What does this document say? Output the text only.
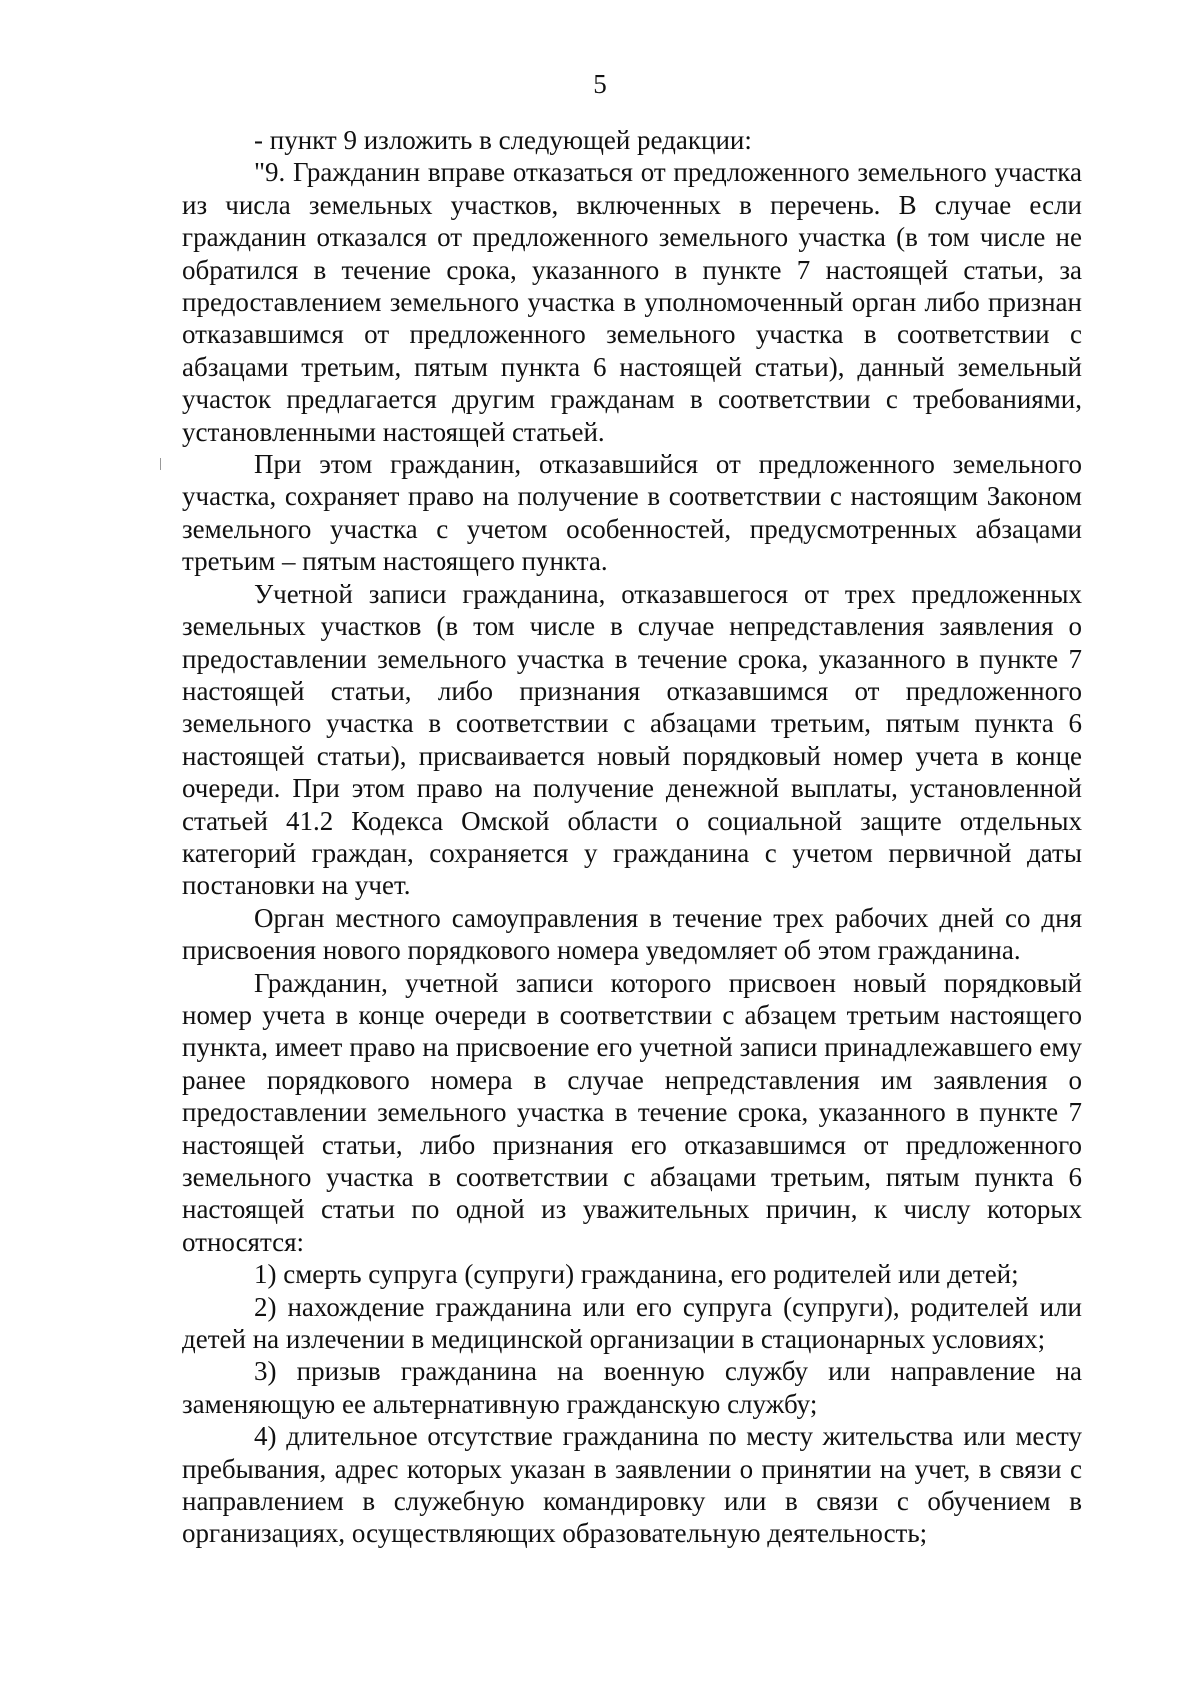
5

- пункт 9 изложить в следующей редакции:

"9. Гражданин вправе отказаться от предложенного земельного участка из числа земельных участков, включенных в перечень. В случае если гражданин отказался от предложенного земельного участка (в том числе не обратился в течение срока, указанного в пункте 7 настоящей статьи, за предоставлением земельного участка в уполномоченный орган либо признан отказавшимся от предложенного земельного участка в соответствии с абзацами третьим, пятым пункта 6 настоящей статьи), данный земельный участок предлагается другим гражданам в соответствии с требованиями, установленными настоящей статьей.

При этом гражданин, отказавшийся от предложенного земельного участка, сохраняет право на получение в соответствии с настоящим Законом земельного участка с учетом особенностей, предусмотренных абзацами третьим – пятым настоящего пункта.

Учетной записи гражданина, отказавшегося от трех предложенных земельных участков (в том числе в случае непредставления заявления о предоставлении земельного участка в течение срока, указанного в пункте 7 настоящей статьи, либо признания отказавшимся от предложенного земельного участка в соответствии с абзацами третьим, пятым пункта 6 настоящей статьи), присваивается новый порядковый номер учета в конце очереди. При этом право на получение денежной выплаты, установленной статьей 41.2 Кодекса Омской области о социальной защите отдельных категорий граждан, сохраняется у гражданина с учетом первичной даты постановки на учет.

Орган местного самоуправления в течение трех рабочих дней со дня присвоения нового порядкового номера уведомляет об этом гражданина.

Гражданин, учетной записи которого присвоен новый порядковый номер учета в конце очереди в соответствии с абзацем третьим настоящего пункта, имеет право на присвоение его учетной записи принадлежавшего ему ранее порядкового номера в случае непредставления им заявления о предоставлении земельного участка в течение срока, указанного в пункте 7 настоящей статьи, либо признания его отказавшимся от предложенного земельного участка в соответствии с абзацами третьим, пятым пункта 6 настоящей статьи по одной из уважительных причин, к числу которых относятся:

1) смерть супруга (супруги) гражданина, его родителей или детей;

2) нахождение гражданина или его супруга (супруги), родителей или детей на излечении в медицинской организации в стационарных условиях;

3) призыв гражданина на военную службу или направление на заменяющую ее альтернативную гражданскую службу;

4) длительное отсутствие гражданина по месту жительства или месту пребывания, адрес которых указан в заявлении о принятии на учет, в связи с направлением в служебную командировку или в связи с обучением в организациях, осуществляющих образовательную деятельность;
